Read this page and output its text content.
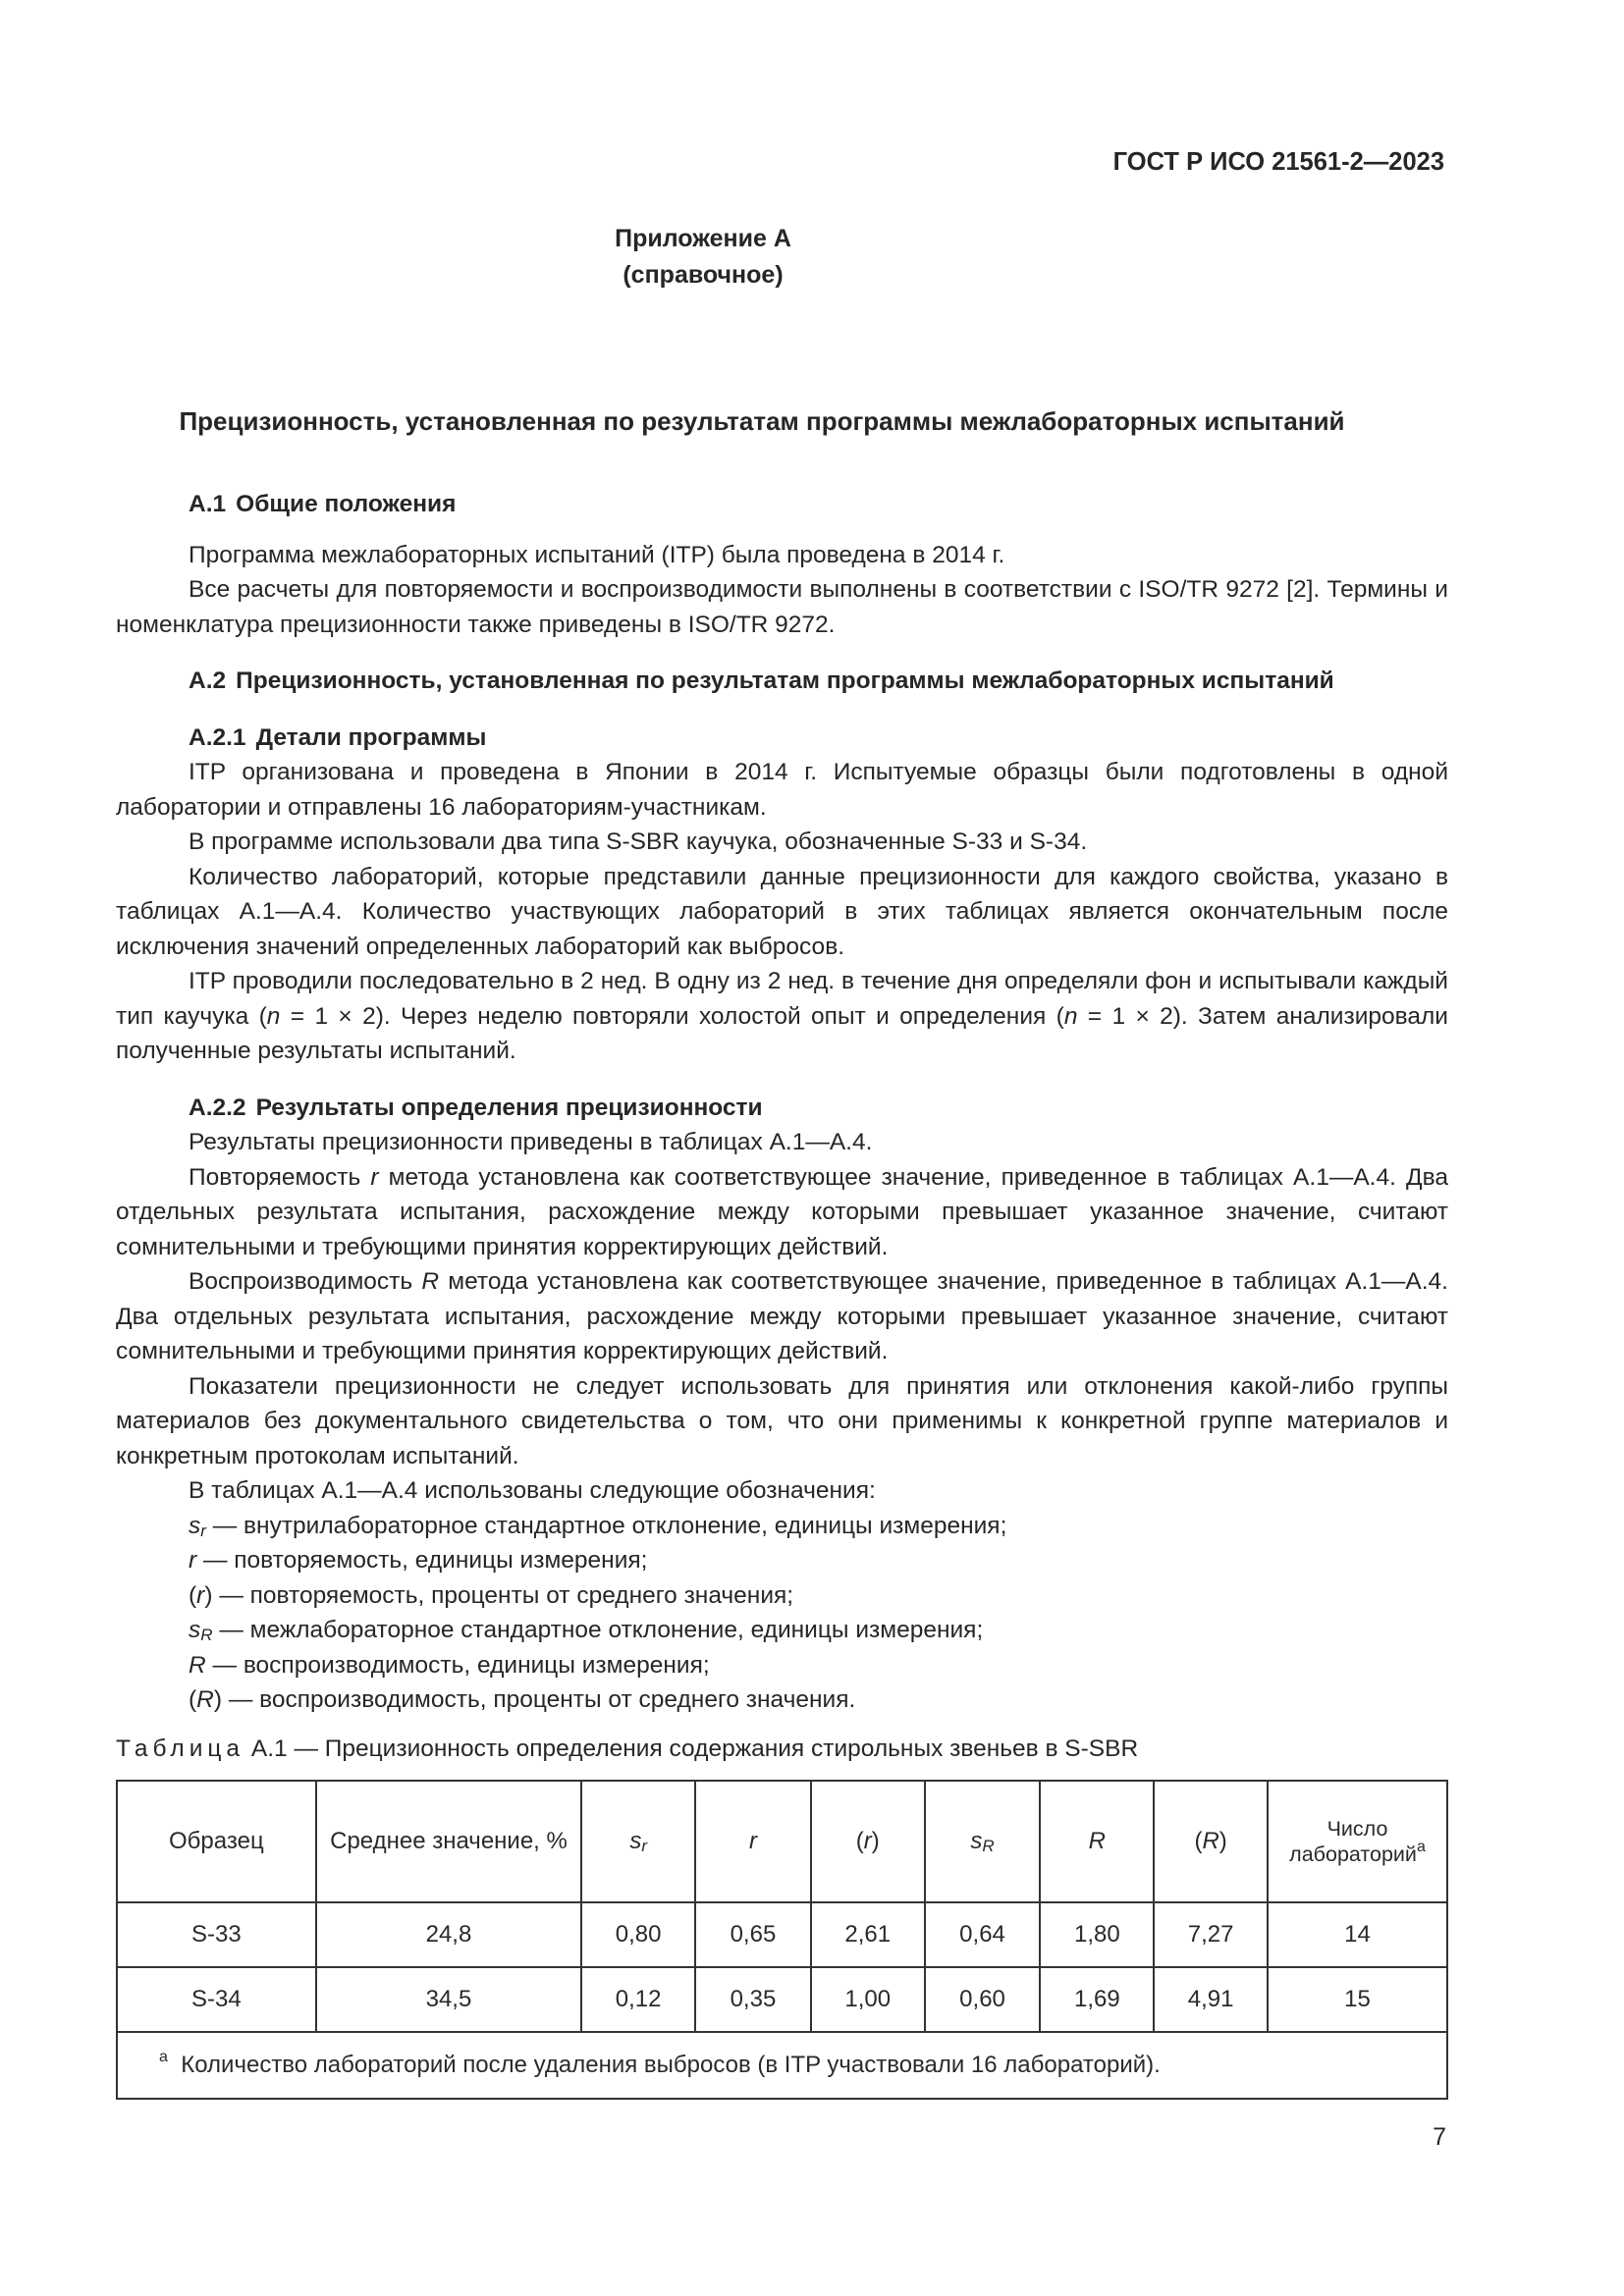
ГОСТ Р ИСО 21561-2—2023
Приложение А
(справочное)
Прецизионность, установленная по результатам программы межлабораторных испытаний

А.1 Общие положения

Программа межлабораторных испытаний (ITP) была проведена в 2014 г.

Все расчеты для повторяемости и воспроизводимости выполнены в соответствии с ISO/TR 9272 [2]. Термины и номенклатура прецизионности также приведены в ISO/TR 9272.

А.2 Прецизионность, установленная по результатам программы межлабораторных испытаний

А.2.1 Детали программы

ITP организована и проведена в Японии в 2014 г. Испытуемые образцы были подготовлены в одной лаборатории и отправлены 16 лабораториям-участникам.

В программе использовали два типа S-SBR каучука, обозначенные S-33 и S-34.

Количество лабораторий, которые представили данные прецизионности для каждого свойства, указано в таблицах А.1—А.4. Количество участвующих лабораторий в этих таблицах является окончательным после исключения значений определенных лабораторий как выбросов.

ITP проводили последовательно в 2 нед. В одну из 2 нед. в течение дня определяли фон и испытывали каждый тип каучука (n = 1 × 2). Через неделю повторяли холостой опыт и определения (n = 1 × 2). Затем анализировали полученные результаты испытаний.

А.2.2 Результаты определения прецизионности

Результаты прецизионности приведены в таблицах А.1—А.4.

Повторяемость r метода установлена как соответствующее значение, приведенное в таблицах А.1—А.4. Два отдельных результата испытания, расхождение между которыми превышает указанное значение, считают сомнительными и требующими принятия корректирующих действий.

Воспроизводимость R метода установлена как соответствующее значение, приведенное в таблицах А.1—А.4. Два отдельных результата испытания, расхождение между которыми превышает указанное значение, считают сомнительными и требующими принятия корректирующих действий.

Показатели прецизионности не следует использовать для принятия или отклонения какой-либо группы материалов без документального свидетельства о том, что они применимы к конкретной группе материалов и конкретным протоколам испытаний.

В таблицах А.1—А.4 использованы следующие обозначения:

$s_r$ — внутрилабораторное стандартное отклонение, единицы измерения;

r — повторяемость, единицы измерения;

(r) — повторяемость, проценты от среднего значения;

$s_R$ — межлабораторное стандартное отклонение, единицы измерения;

R — воспроизводимость, единицы измерения;

(R) — воспроизводимость, проценты от среднего значения.

Таблица А.1 — Прецизионность определения содержания стирольных звеньев в S-SBR

Образец	Среднее значение, %	$s_r$	r	(r)	$s_R$	R	(R)	Число
лабораторий$^a$
S-33	24,8	0,80	0,65	2,61	0,64	1,80	7,27	14
S-34	34,5	0,12	0,35	1,00	0,60	1,69	4,91	15
$^a$ Количество лабораторий после удаления выбросов (в ITP участвовали 16 лабораторий).								
7
